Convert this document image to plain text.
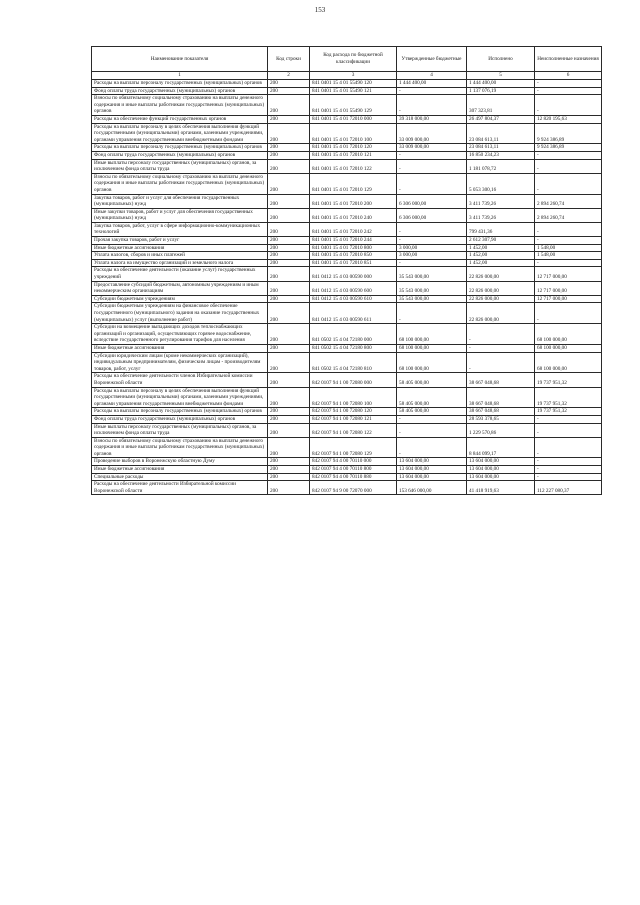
153
Наименование показателя	Код строки	Код расхода по бюджетной классификации	Утвержденные бюджетные	Исполнено	Неисполненные назначения
1	2	3	4	5	6
Расходы на выплаты персоналу государственных (муниципальных) органов	200	841 0401 15 4 01 55490 120	1 444 400,00	1 444 400,00	-
Фонд оплаты труда государственных (муниципальных) органов	200	841 0401 15 4 01 55490 121	-	1 137 076,19	-
Взносы по обязательному социальному страхованию на выплаты денежного содержания и иные выплаты работникам государственных (муниципальных) органов	200	841 0401 15 4 01 55490 129	-	307 323,81	-
Расходы на обеспечение функций государственных органов	200	841 0401 15 4 01 72010 000	39 318 000,00	26 497 804,37	12 820 195,63
Расходы на выплаты персоналу в целях обеспечения выполнения функций государственными (муниципальными) органами, казенными учреждениями, органами управления государственными внебюджетными фондами	200	841 0401 15 4 01 72010 100	33 009 000,00	23 084 613,11	9 924 386,89
Расходы на выплаты персоналу государственных (муниципальных) органов	200	841 0401 15 4 01 72010 120	33 009 000,00	23 084 613,11	9 924 386,89
Фонд оплаты труда государственных (муниципальных) органов	200	841 0401 15 4 01 72010 121	-	16 850 234,23	-
Иные выплаты персоналу государственных (муниципальных) органов, за исключением фонда оплаты труда	200	841 0401 15 4 01 72010 122	-	1 181 078,72	-
Взносы по обязательному социальному страхованию на выплаты денежного содержания и иные выплаты работникам государственных (муниципальных) органов	200	841 0401 15 4 01 72010 129	-	5 053 300,16	-
Закупка товаров, работ и услуг для обеспечения государственных (муниципальных) нужд	200	841 0401 15 4 01 72010 200	6 306 000,00	3 411 739,26	2 894 260,74
Иные закупки товаров, работ и услуг для обеспечения государственных (муниципальных) нужд	200	841 0401 15 4 01 72010 240	6 306 000,00	3 411 739,26	2 894 260,74
Закупка товаров, работ, услуг в сфере информационно-коммуникационных технологий	200	841 0401 15 4 01 72010 242	-	799 431,36	-
Прочая закупка товаров, работ и услуг	200	841 0401 15 4 01 72010 244	-	2 612 307,90	-
Иные бюджетные ассигнования	200	841 0401 15 4 01 72010 800	3 000,00	1 452,00	1 548,00
Уплата налогов, сборов и иных платежей	200	841 0401 15 4 01 72010 850	3 000,00	1 452,00	1 548,00
Уплата налога на имущество организаций и земельного налога	200	841 0401 15 4 01 72010 851	-	1 452,00	-
Расходы на обеспечение деятельности (оказание услуг) государственных учреждений	200	841 0412 15 4 03 00590 000	35 543 000,00	22 826 000,00	12 717 000,00
Предоставление субсидий бюджетным, автономным учреждениям и иным некоммерческим организациям	200	841 0412 15 4 03 00590 600	35 543 000,00	22 826 000,00	12 717 000,00
Субсидии бюджетным учреждениям	200	841 0412 15 4 03 00590 610	35 543 000,00	22 826 000,00	12 717 000,00
Субсидии бюджетным учреждениям на финансовое обеспечение государственного (муниципального) задания на оказание государственных (муниципальных) услуг (выполнение работ)	200	841 0412 15 4 03 00590 611	-	22 826 000,00	-
Субсидии на возмещение выпадающих доходов теплоснабжающих организаций и организаций, осуществляющих горячее водоснабжение, вследствие государственного регулирования тарифов для населения	200	841 0502 15 4 04 72180 000	68 100 000,00	-	68 100 000,00
Иные бюджетные ассигнования	200	841 0502 15 4 04 72180 800	68 100 000,00	-	68 100 000,00
Субсидии юридическим лицам (кроме некоммерческих организаций), индивидуальным предпринимателям, физическим лицам - производителям товаров, работ, услуг	200	841 0502 15 4 04 72180 810	68 100 000,00	-	68 100 000,00
Расходы на обеспечение деятельности членов Избирательной комиссии Воронежской области	200	842 0107 94 1 00 72080 000	58 405 000,00	38 667 048,68	19 737 951,32
Расходы на выплаты персоналу в целях обеспечения выполнения функций государственными (муниципальными) органами, казенными учреждениями, органами управления государственными внебюджетными фондами	200	842 0107 94 1 00 72080 100	58 405 000,00	38 667 048,68	19 737 951,32
Расходы на выплаты персоналу государственных (муниципальных) органов	200	842 0107 94 1 00 72080 120	58 405 000,00	38 667 048,68	19 737 951,32
Фонд оплаты труда государственных (муниципальных) органов	200	842 0107 94 1 00 72080 121	-	28 593 378,65	-
Иные выплаты персоналу государственных (муниципальных) органов, за исключением фонда оплаты труда	200	842 0107 94 1 00 72080 122	-	1 229 570,86	-
Взносы по обязательному социальному страхованию на выплаты денежного содержания и иные выплаты работникам государственных (муниципальных) органов	200	842 0107 94 1 00 72080 129	-	8 844 099,17	-
Проведение выборов в Воронежскую областную Думу	200	842 0107 94 4 00 70110 000	13 604 000,00	13 604 000,00	-
Иные бюджетные ассигнования	200	842 0107 94 4 00 70110 800	13 604 000,00	13 604 000,00	-
Специальные расходы	200	842 0107 94 4 00 70110 880	13 604 000,00	13 604 000,00	-
Расходы на обеспечение деятельности Избирательной комиссии Воронежской области	200	842 0107 94 9 00 72070 000	153 646 000,00	41 418 919,63	112 227 080,37
